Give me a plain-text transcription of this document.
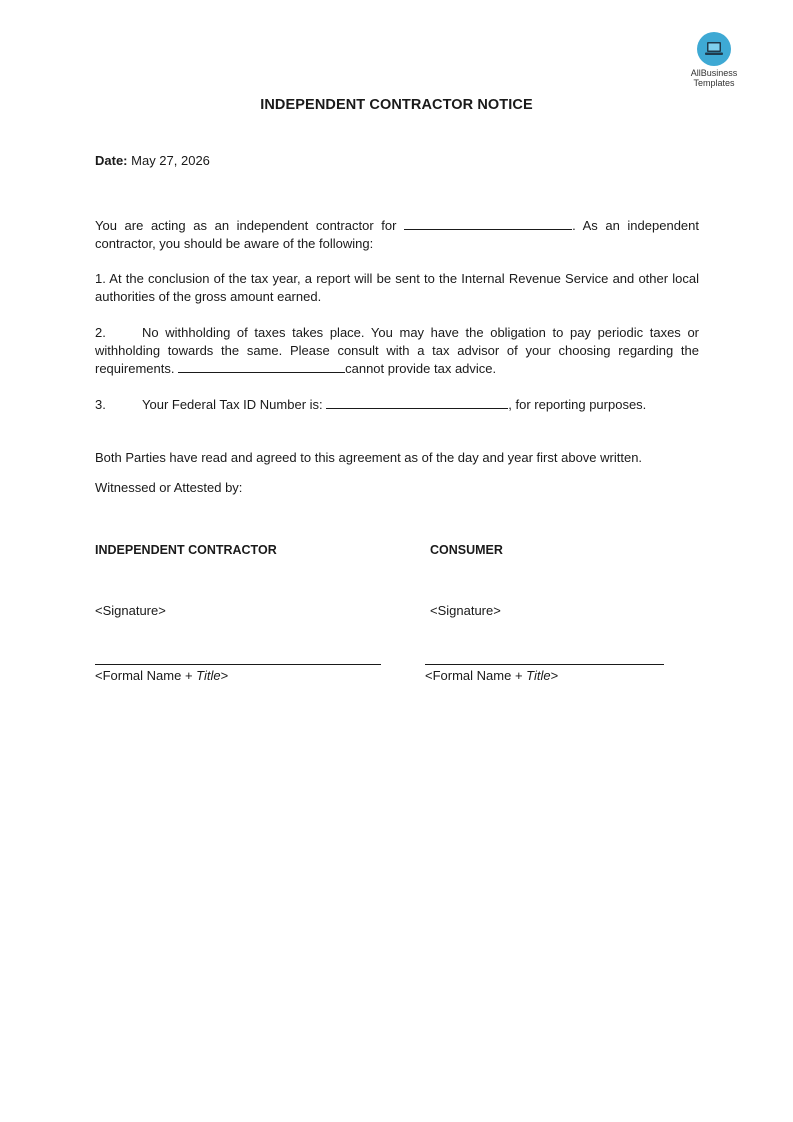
AllBusiness
Templates
INDEPENDENT CONTRACTOR NOTICE
Date: May 27, 2026
You are acting as an independent contractor for	. As an independent contractor, you should be aware of the following:
1. At the conclusion of the tax year, a report will be sent to the Internal Revenue Service and other local authorities of the gross amount earned.
2.	No withholding of taxes takes place. You may have the obligation to pay periodic taxes or withholding towards the same. Please consult with a tax advisor of your choosing regarding the requirements.	cannot provide tax advice.
3.	Your Federal Tax ID Number is:	, for reporting purposes.
Both Parties have read and agreed to this agreement as of the day and year first above written.
Witnessed or Attested by:
INDEPENDENT CONTRACTOR	CONSUMER
<Signature>	<Signature>
<Formal Name + Title>	<Formal Name + Title>
